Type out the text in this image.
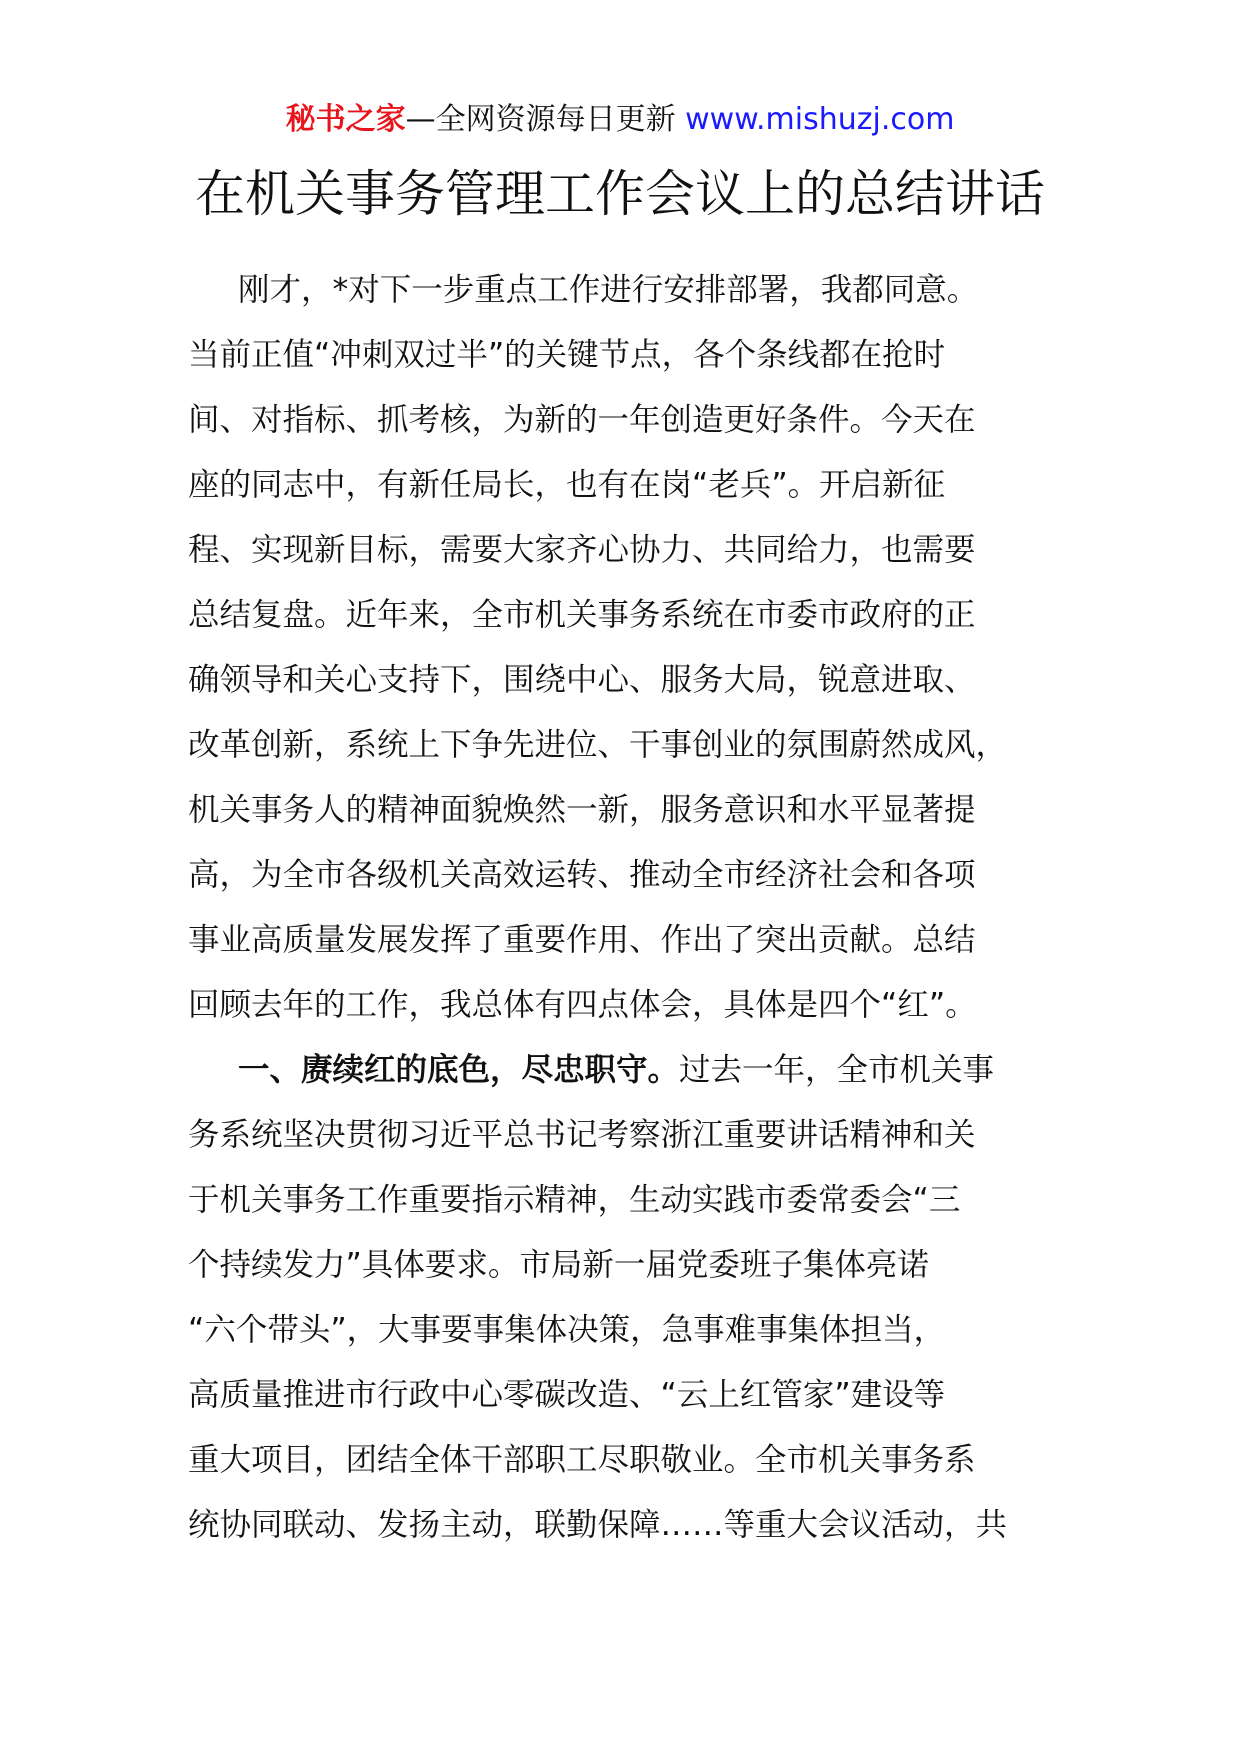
秘书之家—全网资源每日更新 www.mishuzj.com
在机关事务管理工作会议上的总结讲话
刚才，*对下一步重点工作进行安排部署，我都同意。
当前正值“冲刺双过半”的关键节点，各个条线都在抢时
间、对指标、抓考核，为新的一年创造更好条件。今天在
座的同志中，有新任局长，也有在岗“老兵”。开启新征
程、实现新目标，需要大家齐心协力、共同给力，也需要
总结复盘。近年来，全市机关事务系统在市委市政府的正
确领导和关心支持下，围绕中心、服务大局，锐意进取、
改革创新，系统上下争先进位、干事创业的氛围蔚然成风，
机关事务人的精神面貌焕然一新，服务意识和水平显著提
高，为全市各级机关高效运转、推动全市经济社会和各项
事业高质量发展发挥了重要作用、作出了突出贡献。总结
回顾去年的工作，我总体有四点体会，具体是四个“红”。
一、赓续红的底色，尽忠职守。过去一年，全市机关事
务系统坚决贯彻习近平总书记考察浙江重要讲话精神和关
于机关事务工作重要指示精神，生动实践市委常委会“三
个持续发力”具体要求。市局新一届党委班子集体亮诺
“六个带头”，大事要事集体决策，急事难事集体担当，
高质量推进市行政中心零碳改造、“云上红管家”建设等
重大项目，团结全体干部职工尽职敬业。全市机关事务系
统协同联动、发扬主动，联勤保障……等重大会议活动，共
